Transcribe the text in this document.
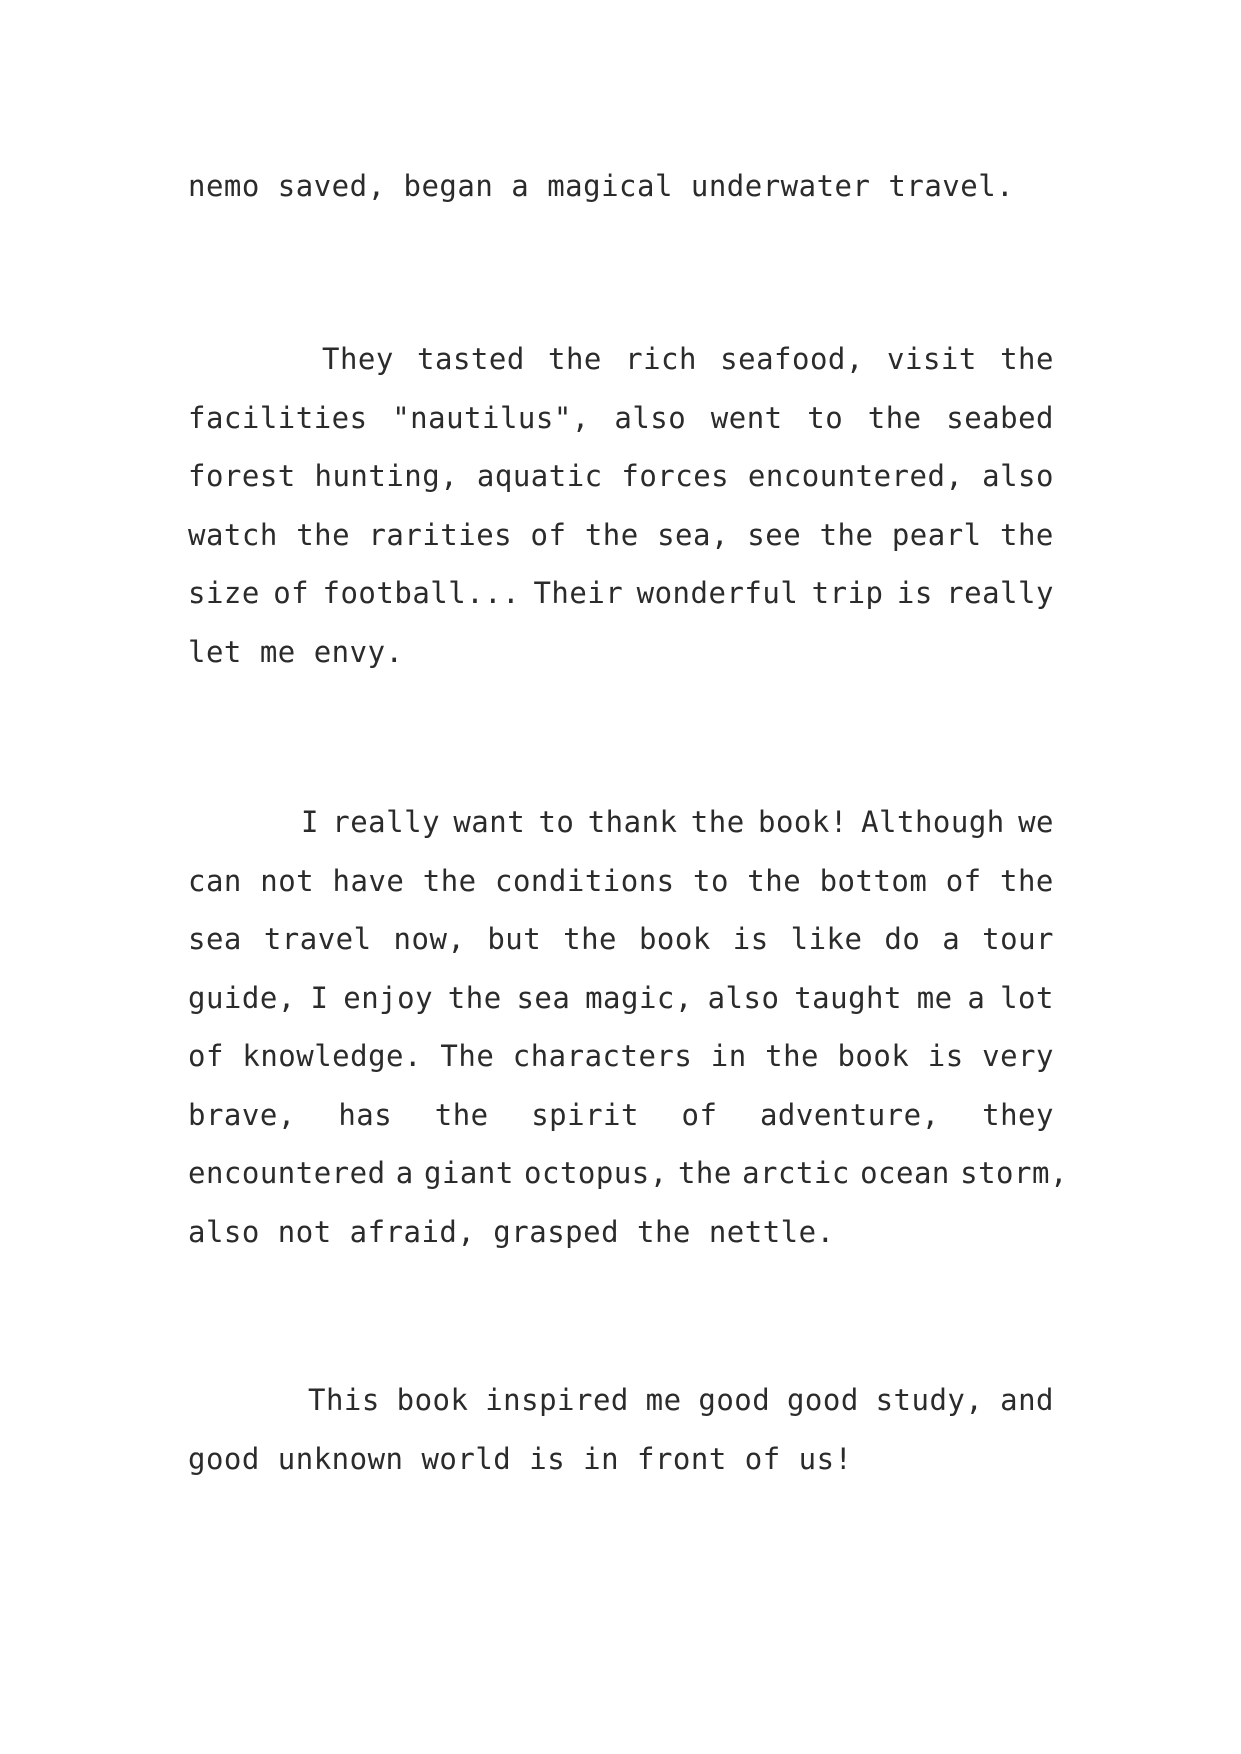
nemo saved, began a magical underwater travel.
They tasted the rich seafood, visit the
facilities "nautilus", also went to the seabed
forest hunting, aquatic forces encountered, also
watch the rarities of the sea, see the pearl the
size of football... Their wonderful trip is really
let me envy.
I really want to thank the book! Although we
can not have the conditions to the bottom of the
sea travel now, but the book is like do a tour
guide, I enjoy the sea magic, also taught me a lot
of knowledge. The characters in the book is very
brave, has the spirit of adventure, they
encountered a giant octopus, the arctic ocean storm,
also not afraid, grasped the nettle.
This book inspired me good good study, and
good unknown world is in front of us!
